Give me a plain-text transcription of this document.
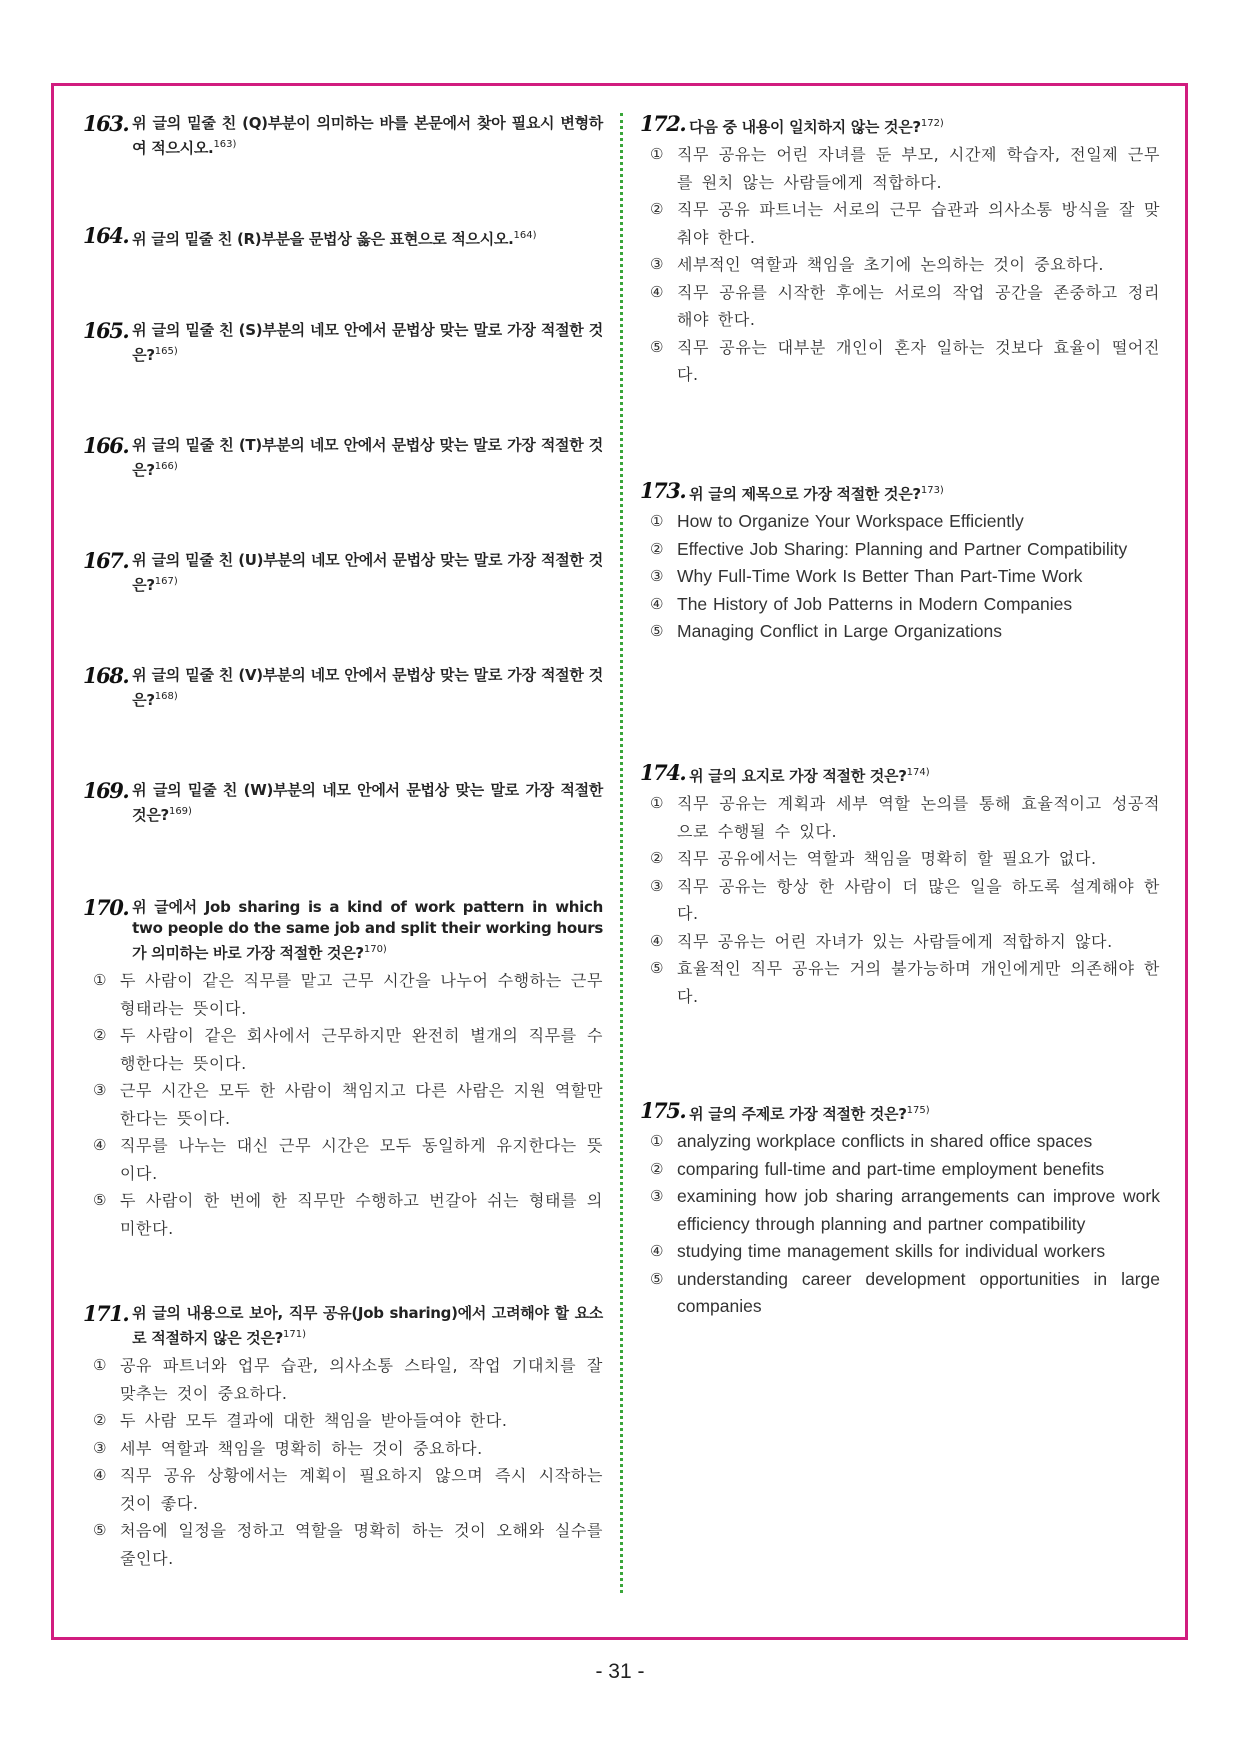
163. 위 글의 밑줄 친 (Q)부분이 의미하는 바를 본문에서 찾아 필요시 변형하여 적으시오.$^{163)}$
164. 위 글의 밑줄 친 (R)부분을 문법상 옳은 표현으로 적으시오.$^{164)}$
165. 위 글의 밑줄 친 (S)부분의 네모 안에서 문법상 맞는 말로 가장 적절한 것은?$^{165)}$
166. 위 글의 밑줄 친 (T)부분의 네모 안에서 문법상 맞는 말로 가장 적절한 것은?$^{166)}$
167. 위 글의 밑줄 친 (U)부분의 네모 안에서 문법상 맞는 말로 가장 적절한 것은?$^{167)}$
168. 위 글의 밑줄 친 (V)부분의 네모 안에서 문법상 맞는 말로 가장 적절한 것은?$^{168)}$
169. 위 글의 밑줄 친 (W)부분의 네모 안에서 문법상 맞는 말로 가장 적절한 것은?$^{169)}$
170. 위 글에서 Job sharing is a kind of work pattern in which two people do the same job and split their working hours 가 의미하는 바로 가장 적절한 것은?$^{170)}$
① 두 사람이 같은 직무를 맡고 근무 시간을 나누어 수행하는 근무 형태라는 뜻이다.
② 두 사람이 같은 회사에서 근무하지만 완전히 별개의 직무를 수행한다는 뜻이다.
③ 근무 시간은 모두 한 사람이 책임지고 다른 사람은 지원 역할만 한다는 뜻이다.
④ 직무를 나누는 대신 근무 시간은 모두 동일하게 유지한다는 뜻이다.
⑤ 두 사람이 한 번에 한 직무만 수행하고 번갈아 쉬는 형태를 의미한다.
171. 위 글의 내용으로 보아, 직무 공유(Job sharing)에서 고려해야 할 요소로 적절하지 않은 것은?$^{171)}$
① 공유 파트너와 업무 습관, 의사소통 스타일, 작업 기대치를 잘 맞추는 것이 중요하다.
② 두 사람 모두 결과에 대한 책임을 받아들여야 한다.
③ 세부 역할과 책임을 명확히 하는 것이 중요하다.
④ 직무 공유 상황에서는 계획이 필요하지 않으며 즉시 시작하는 것이 좋다.
⑤ 처음에 일정을 정하고 역할을 명확히 하는 것이 오해와 실수를 줄인다.
172. 다음 중 내용이 일치하지 않는 것은?$^{172)}$
① 직무 공유는 어린 자녀를 둔 부모, 시간제 학습자, 전일제 근무를 원치 않는 사람들에게 적합하다.
② 직무 공유 파트너는 서로의 근무 습관과 의사소통 방식을 잘 맞춰야 한다.
③ 세부적인 역할과 책임을 초기에 논의하는 것이 중요하다.
④ 직무 공유를 시작한 후에는 서로의 작업 공간을 존중하고 정리해야 한다.
⑤ 직무 공유는 대부분 개인이 혼자 일하는 것보다 효율이 떨어진다.
173. 위 글의 제목으로 가장 적절한 것은?$^{173)}$
① How to Organize Your Workspace Efficiently
② Effective Job Sharing: Planning and Partner Compatibility
③ Why Full-Time Work Is Better Than Part-Time Work
④ The History of Job Patterns in Modern Companies
⑤ Managing Conflict in Large Organizations
174. 위 글의 요지로 가장 적절한 것은?$^{174)}$
① 직무 공유는 계획과 세부 역할 논의를 통해 효율적이고 성공적으로 수행될 수 있다.
② 직무 공유에서는 역할과 책임을 명확히 할 필요가 없다.
③ 직무 공유는 항상 한 사람이 더 많은 일을 하도록 설계해야 한다.
④ 직무 공유는 어린 자녀가 있는 사람들에게 적합하지 않다.
⑤ 효율적인 직무 공유는 거의 불가능하며 개인에게만 의존해야 한다.
175. 위 글의 주제로 가장 적절한 것은?$^{175)}$
① analyzing workplace conflicts in shared office spaces
② comparing full-time and part-time employment benefits
③ examining how job sharing arrangements can improve work efficiency through planning and partner compatibility
④ studying time management skills for individual workers
⑤ understanding career development opportunities in large companies
- 31 -
